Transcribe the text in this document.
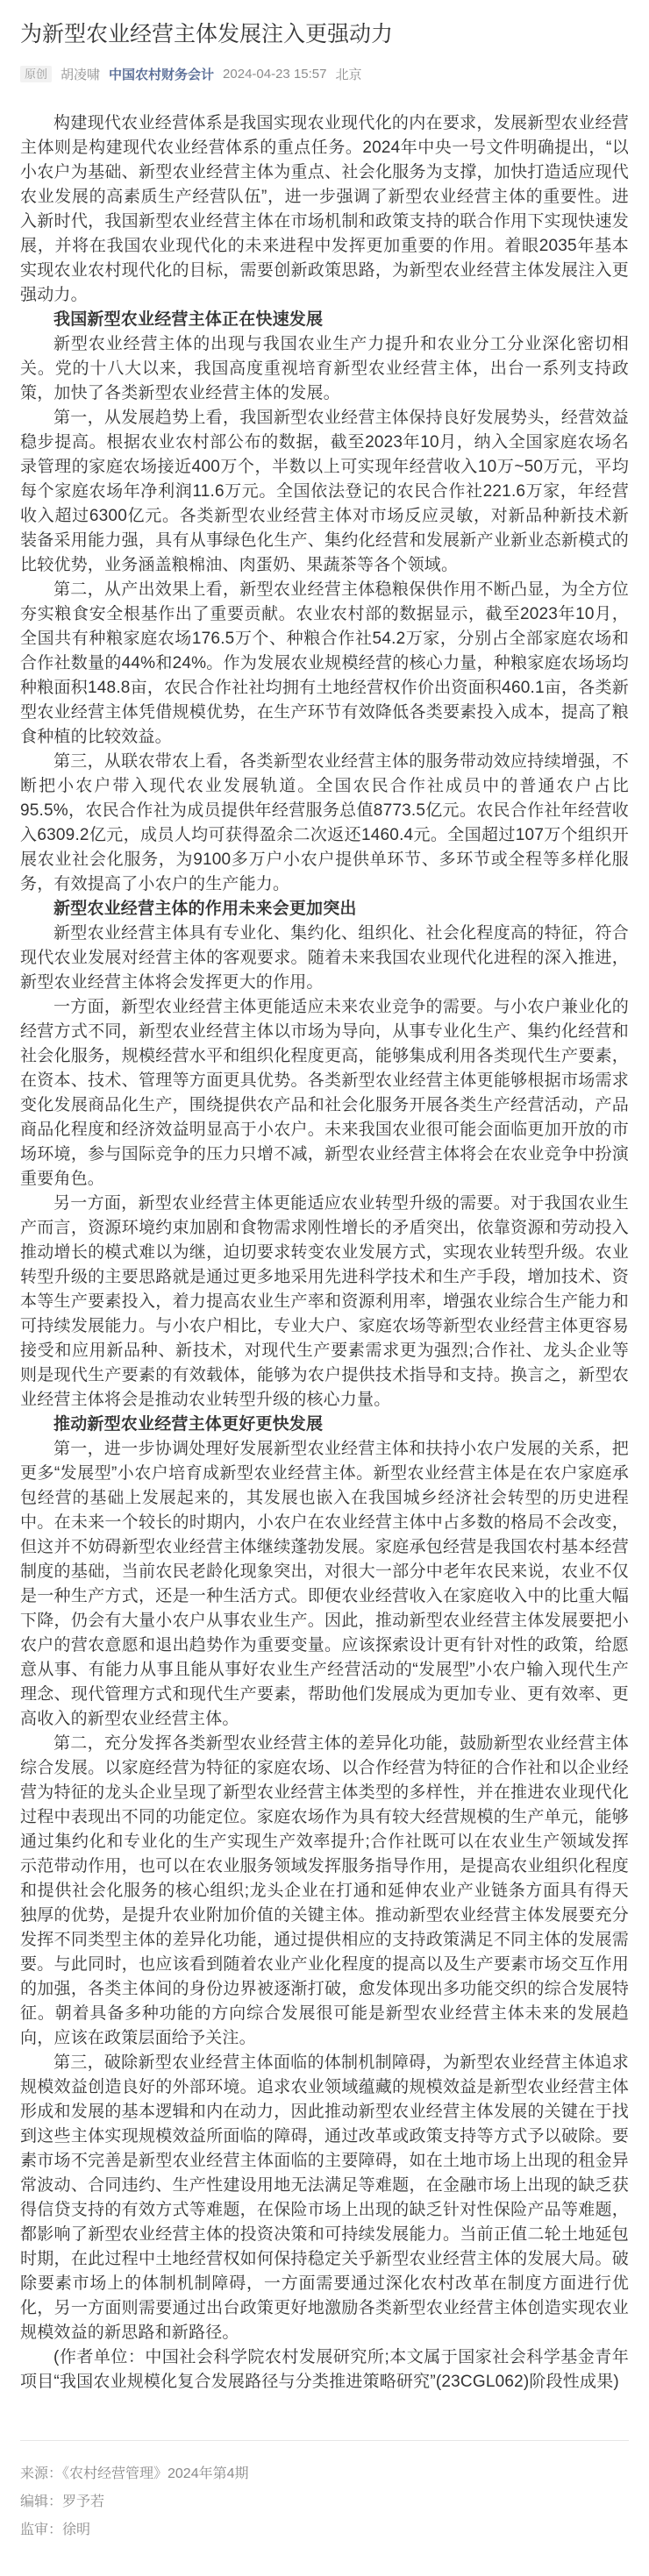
为新型农业经营主体发展注入更强动力
原创	胡凌啸 中国农村财务会计 2024-04-23 15:57 北京

构建现代农业经营体系是我国实现农业现代化的内在要求，发展新型农业经营主体则是构建现代农业经营体系的重点任务。2024年中央一号文件明确提出，“以小农户为基础、新型农业经营主体为重点、社会化服务为支撑，加快打造适应现代农业发展的高素质生产经营队伍”，进一步强调了新型农业经营主体的重要性。进入新时代，我国新型农业经营主体在市场机制和政策支持的联合作用下实现快速发展，并将在我国农业现代化的未来进程中发挥更加重要的作用。着眼2035年基本实现农业农村现代化的目标，需要创新政策思路，为新型农业经营主体发展注入更强动力。

我国新型农业经营主体正在快速发展

新型农业经营主体的出现与我国农业生产力提升和农业分工分业深化密切相关。党的十八大以来，我国高度重视培育新型农业经营主体，出台一系列支持政策，加快了各类新型农业经营主体的发展。

第一，从发展趋势上看，我国新型农业经营主体保持良好发展势头，经营效益稳步提高。根据农业农村部公布的数据，截至2023年10月，纳入全国家庭农场名录管理的家庭农场接近400万个，半数以上可实现年经营收入10万~50万元，平均每个家庭农场年净利润11.6万元。全国依法登记的农民合作社221.6万家，年经营收入超过6300亿元。各类新型农业经营主体对市场反应灵敏，对新品种新技术新装备采用能力强，具有从事绿色化生产、集约化经营和发展新产业新业态新模式的比较优势，业务涵盖粮棉油、肉蛋奶、果蔬茶等各个领域。

第二，从产出效果上看，新型农业经营主体稳粮保供作用不断凸显，为全方位夯实粮食安全根基作出了重要贡献。农业农村部的数据显示，截至2023年10月，全国共有种粮家庭农场176.5万个、种粮合作社54.2万家，分别占全部家庭农场和合作社数量的44%和24%。作为发展农业规模经营的核心力量，种粮家庭农场场均种粮面积148.8亩，农民合作社社均拥有土地经营权作价出资面积460.1亩，各类新型农业经营主体凭借规模优势，在生产环节有效降低各类要素投入成本，提高了粮食种植的比较效益。

第三，从联农带农上看，各类新型农业经营主体的服务带动效应持续增强，不断把小农户带入现代农业发展轨道。全国农民合作社成员中的普通农户占比95.5%，农民合作社为成员提供年经营服务总值8773.5亿元。农民合作社年经营收入6309.2亿元，成员人均可获得盈余二次返还1460.4元。全国超过107万个组织开展农业社会化服务，为9100多万户小农户提供单环节、多环节或全程等多样化服务，有效提高了小农户的生产能力。

新型农业经营主体的作用未来会更加突出

新型农业经营主体具有专业化、集约化、组织化、社会化程度高的特征，符合现代农业发展对经营主体的客观要求。随着未来我国农业现代化进程的深入推进，新型农业经营主体将会发挥更大的作用。

一方面，新型农业经营主体更能适应未来农业竞争的需要。与小农户兼业化的经营方式不同，新型农业经营主体以市场为导向，从事专业化生产、集约化经营和社会化服务，规模经营水平和组织化程度更高，能够集成利用各类现代生产要素，在资本、技术、管理等方面更具优势。各类新型农业经营主体更能够根据市场需求变化发展商品化生产，围绕提供农产品和社会化服务开展各类生产经营活动，产品商品化程度和经济效益明显高于小农户。未来我国农业很可能会面临更加开放的市场环境，参与国际竞争的压力只增不减，新型农业经营主体将会在农业竞争中扮演重要角色。

另一方面，新型农业经营主体更能适应农业转型升级的需要。对于我国农业生产而言，资源环境约束加剧和食物需求刚性增长的矛盾突出，依靠资源和劳动投入推动增长的模式难以为继，迫切要求转变农业发展方式，实现农业转型升级。农业转型升级的主要思路就是通过更多地采用先进科学技术和生产手段，增加技术、资本等生产要素投入，着力提高农业生产率和资源利用率，增强农业综合生产能力和可持续发展能力。与小农户相比，专业大户、家庭农场等新型农业经营主体更容易接受和应用新品种、新技术，对现代生产要素需求更为强烈;合作社、龙头企业等则是现代生产要素的有效载体，能够为农户提供技术指导和支持。换言之，新型农业经营主体将会是推动农业转型升级的核心力量。

推动新型农业经营主体更好更快发展

第一，进一步协调处理好发展新型农业经营主体和扶持小农户发展的关系，把更多“发展型”小农户培育成新型农业经营主体。新型农业经营主体是在农户家庭承包经营的基础上发展起来的，其发展也嵌入在我国城乡经济社会转型的历史进程中。在未来一个较长的时期内，小农户在农业经营主体中占多数的格局不会改变，但这并不妨碍新型农业经营主体继续蓬勃发展。家庭承包经营是我国农村基本经营制度的基础，当前农民老龄化现象突出，对很大一部分中老年农民来说，农业不仅是一种生产方式，还是一种生活方式。即便农业经营收入在家庭收入中的比重大幅下降，仍会有大量小农户从事农业生产。因此，推动新型农业经营主体发展要把小农户的营农意愿和退出趋势作为重要变量。应该探索设计更有针对性的政策，给愿意从事、有能力从事且能从事好农业生产经营活动的“发展型”小农户输入现代生产理念、现代管理方式和现代生产要素，帮助他们发展成为更加专业、更有效率、更高收入的新型农业经营主体。

第二，充分发挥各类新型农业经营主体的差异化功能，鼓励新型农业经营主体综合发展。以家庭经营为特征的家庭农场、以合作经营为特征的合作社和以企业经营为特征的龙头企业呈现了新型农业经营主体类型的多样性，并在推进农业现代化过程中表现出不同的功能定位。家庭农场作为具有较大经营规模的生产单元，能够通过集约化和专业化的生产实现生产效率提升;合作社既可以在农业生产领域发挥示范带动作用，也可以在农业服务领域发挥服务指导作用，是提高农业组织化程度和提供社会化服务的核心组织;龙头企业在打通和延伸农业产业链条方面具有得天独厚的优势，是提升农业附加价值的关键主体。推动新型农业经营主体发展要充分发挥不同类型主体的差异化功能，通过提供相应的支持政策满足不同主体的发展需要。与此同时，也应该看到随着农业产业化程度的提高以及生产要素市场交互作用的加强，各类主体间的身份边界被逐渐打破，愈发体现出多功能交织的综合发展特征。朝着具备多种功能的方向综合发展很可能是新型农业经营主体未来的发展趋向，应该在政策层面给予关注。

第三，破除新型农业经营主体面临的体制机制障碍，为新型农业经营主体追求规模效益创造良好的外部环境。追求农业领域蕴藏的规模效益是新型农业经营主体形成和发展的基本逻辑和内在动力，因此推动新型农业经营主体发展的关键在于找到这些主体实现规模效益所面临的障碍，通过改革或政策支持等方式予以破除。要素市场不完善是新型农业经营主体面临的主要障碍，如在土地市场上出现的租金异常波动、合同违约、生产性建设用地无法满足等难题，在金融市场上出现的缺乏获得信贷支持的有效方式等难题，在保险市场上出现的缺乏针对性保险产品等难题，都影响了新型农业经营主体的投资决策和可持续发展能力。当前正值二轮土地延包时期，在此过程中土地经营权如何保持稳定关乎新型农业经营主体的发展大局。破除要素市场上的体制机制障碍，一方面需要通过深化农村改革在制度方面进行优化，另一方面则需要通过出台政策更好地激励各类新型农业经营主体创造实现农业规模效益的新思路和新路径。

(作者单位：中国社会科学院农村发展研究所;本文属于国家社会科学基金青年项目“我国农业规模化复合发展路径与分类推进策略研究”(23CGL062)阶段性成果)

来源：《农村经营管理》2024年第4期

编辑：罗予若

监审：徐明
